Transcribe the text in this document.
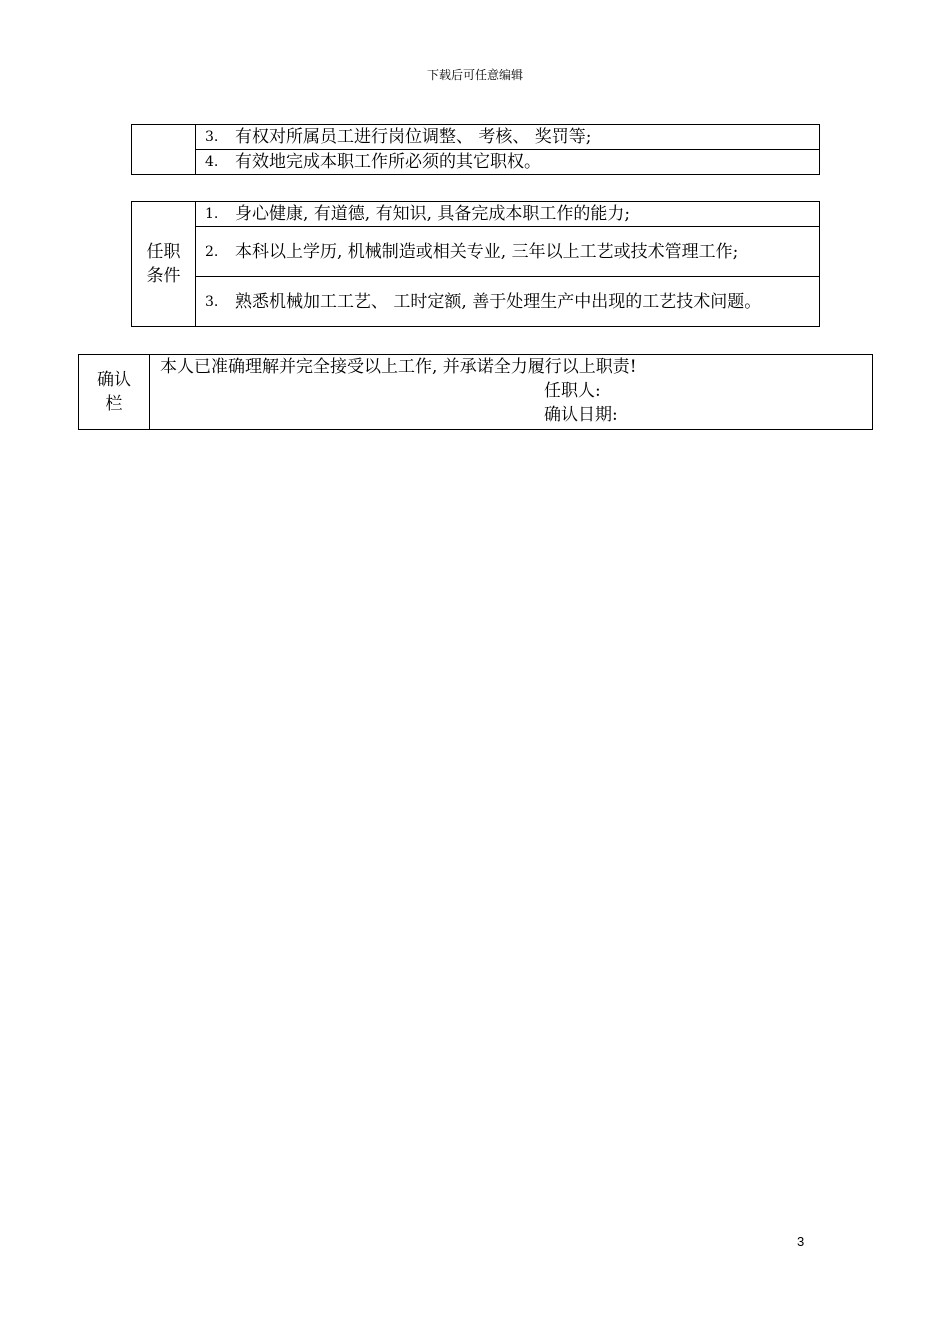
下载后可任意编辑

3. 有权对所属员工进行岗位调整、 考核、 奖罚等;

4. 有效地完成本职工作所必须的其它职权。
任职
条件	
1. 身心健康, 有道德, 有知识, 具备完成本职工作的能力;

2. 本科以上学历, 机械制造或相关专业, 三年以上工艺或技术管理工作;

3. 熟悉机械加工工艺、 工时定额, 善于处理生产中出现的工艺技术问题。
确认
栏	本人已准确理解并完全接受以上工作, 并承诺全力履行以上职责!
任职人:
确认日期:
3
